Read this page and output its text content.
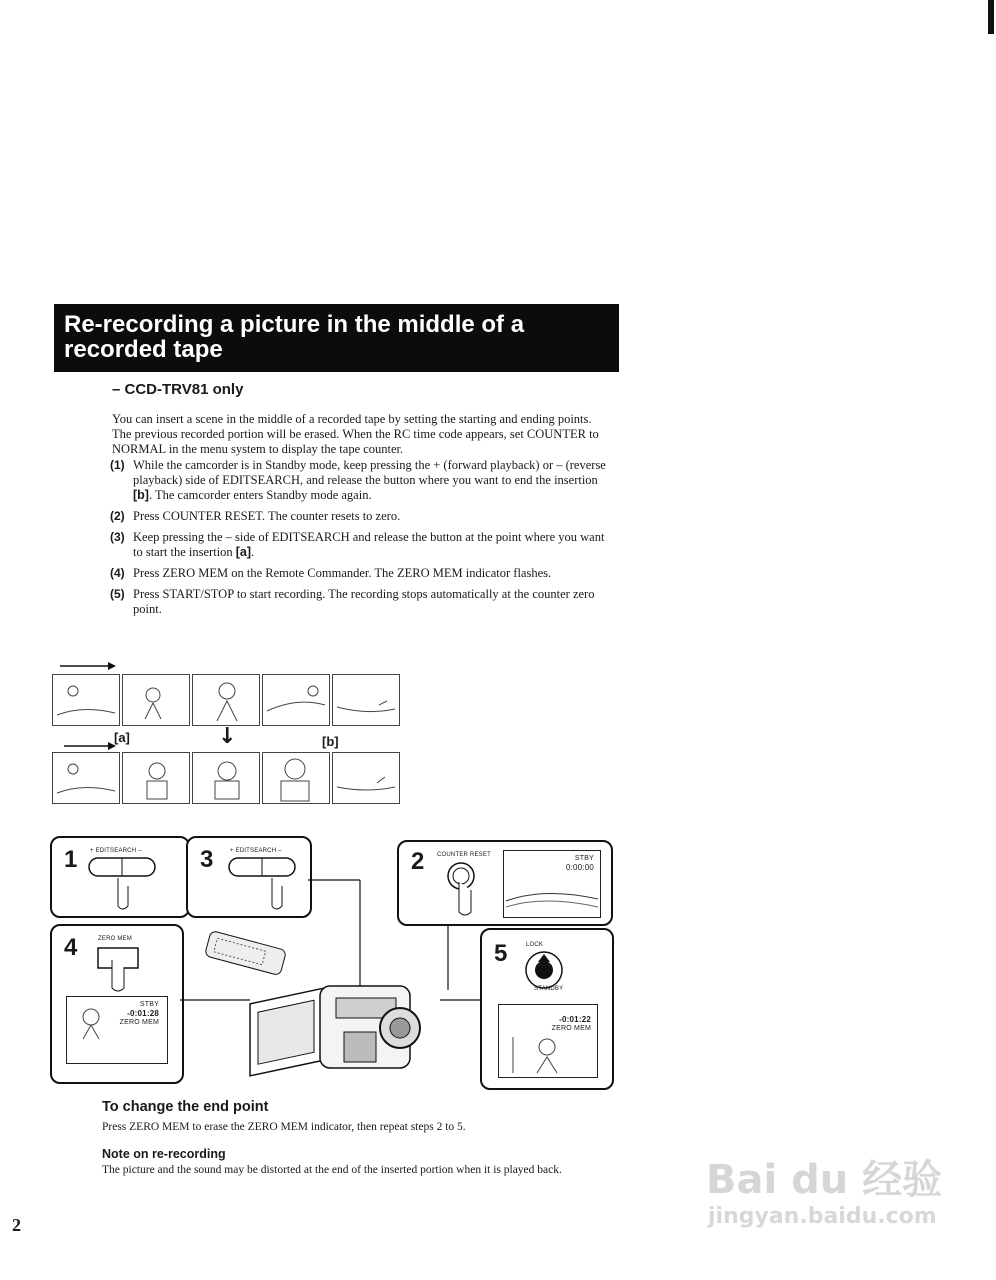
Re-recording a picture in the middle of a
recorded tape
– CCD-TRV81 only
You can insert a scene in the middle of a recorded tape by setting the starting and ending points. The previous recorded portion will be erased. When the RC time code appears, set COUNTER to NORMAL in the menu system to display the tape counter.
(1) While the camcorder is in Standby mode, keep pressing the + (forward playback) or – (reverse playback) side of EDITSEARCH, and release the button where you want to end the insertion [b]. The camcorder enters Standby mode again.
(2) Press COUNTER RESET. The counter resets to zero.
(3) Keep pressing the – side of EDITSEARCH and release the button at the point where you want to start the insertion [a].
(4) Press ZERO MEM on the Remote Commander. The ZERO MEM indicator flashes.
(5) Press START/STOP to start recording. The recording stops automatically at the counter zero point.
[a]	↓	[b]
1 + EDITSEARCH – 3	+ EDITSEARCH –	2 COUNTER RESET	STBY
0:00:00
4	ZERO MEM
STBY
-0:01:28
ZERO MEM
5	LOCK
STANDBY
-0:01:22
ZERO MEM
To change the end point
Press ZERO MEM to erase the ZERO MEM indicator, then repeat steps 2 to 5.
Note on re-recording
The picture and the sound may be distorted at the end of the inserted portion when it is played back.
2
Bai du 经验
jingyan.baidu.com
